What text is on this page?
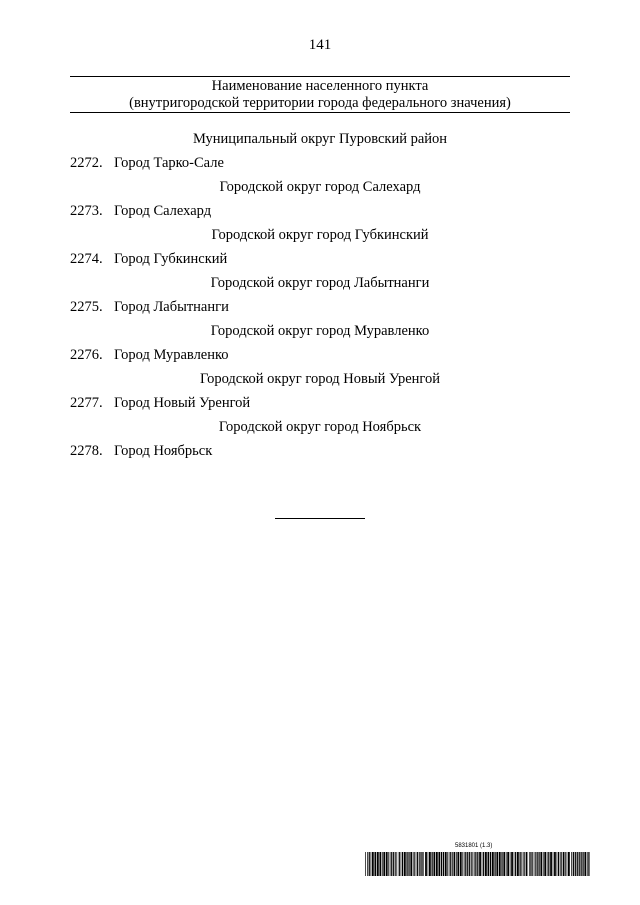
141
Наименование населенного пункта
(внутригородской территории города федерального значения)
Муниципальный округ Пуровский район
2272. Город Тарко-Сале
Городской округ город Салехард
2273. Город Салехард
Городской округ город Губкинский
2274. Город Губкинский
Городской округ город Лабытнанги
2275. Город Лабытнанги
Городской округ город Муравленко
2276. Город Муравленко
Городской округ город Новый Уренгой
2277. Город Новый Уренгой
Городской округ город Ноябрьск
2278. Город Ноябрьск
5831801 (1.3)
